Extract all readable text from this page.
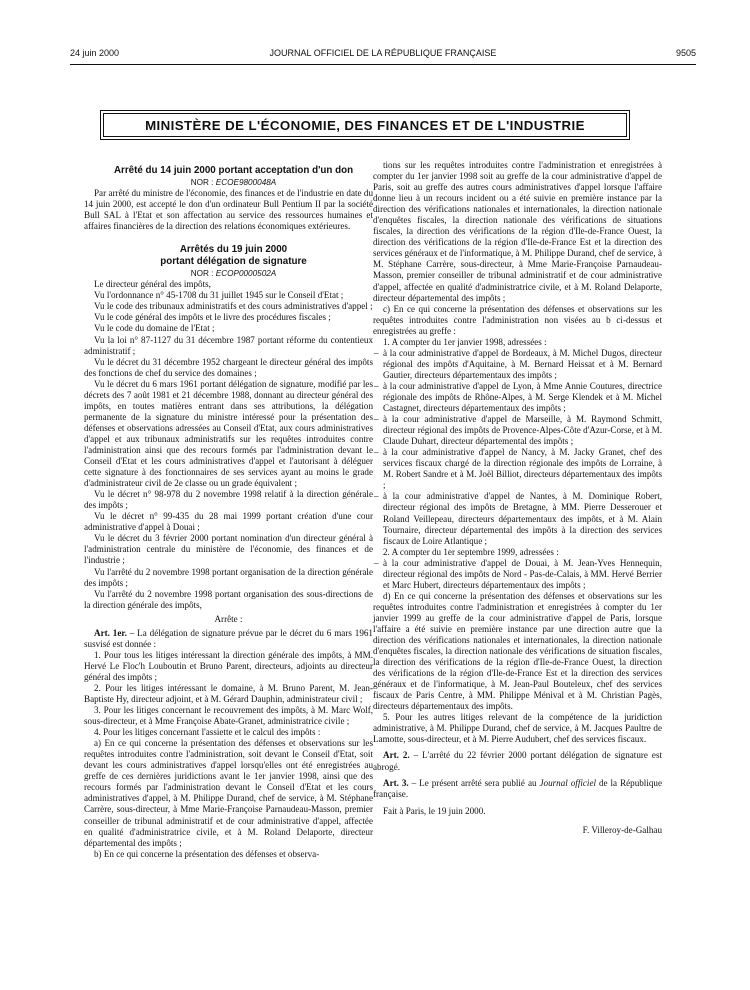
24 juin 2000	JOURNAL OFFICIEL DE LA RÉPUBLIQUE FRANÇAISE	9505
MINISTÈRE DE L'ÉCONOMIE, DES FINANCES ET DE L'INDUSTRIE

Arrêté du 14 juin 2000 portant acceptation d'un don

NOR : ECOE9800048A

Par arrêté du ministre de l'économie, des finances et de l'industrie en date du 14 juin 2000, est accepté le don d'un ordinateur Bull Pentium II par la société Bull SAL à l'Etat et son affectation au service des ressources humaines et affaires financières de la direction des relations économiques extérieures.

Arrêtés du 19 juin 2000

portant délégation de signature

NOR : ECOP0000502A

Le directeur général des impôts,

Vu l'ordonnance n° 45-1708 du 31 juillet 1945 sur le Conseil d'Etat ;

Vu le code des tribunaux administratifs et des cours administratives d'appel ;

Vu le code général des impôts et le livre des procédures fiscales ;

Vu le code du domaine de l'Etat ;

Vu la loi n° 87-1127 du 31 décembre 1987 portant réforme du contentieux administratif ;

Vu le décret du 31 décembre 1952 chargeant le directeur général des impôts des fonctions de chef du service des domaines ;

Vu le décret du 6 mars 1961 portant délégation de signature, modifié par les décrets des 7 août 1981 et 21 décembre 1988, donnant au directeur général des impôts, en toutes matières entrant dans ses attributions, la délégation permanente de la signature du ministre intéressé pour la présentation des défenses et observations adressées au Conseil d'Etat, aux cours administratives d'appel et aux tribunaux administratifs sur les requêtes introduites contre l'administration ainsi que des recours formés par l'administration devant le Conseil d'Etat et les cours administratives d'appel et l'autorisant à déléguer cette signature à des fonctionnaires de ses services ayant au moins le grade d'administrateur civil de 2e classe ou un grade équivalent ;

Vu le décret n° 98-978 du 2 novembre 1998 relatif à la direction générale des impôts ;

Vu le décret n° 99-435 du 28 mai 1999 portant création d'une cour administrative d'appel à Douai ;

Vu le décret du 3 février 2000 portant nomination d'un directeur général à l'administration centrale du ministère de l'économie, des finances et de l'industrie ;

Vu l'arrêté du 2 novembre 1998 portant organisation de la direction générale des impôts ;

Vu l'arrêté du 2 novembre 1998 portant organisation des sous-directions de la direction générale des impôts,

Arrête :

Art. 1er. – La délégation de signature prévue par le décret du 6 mars 1961 susvisé est donnée :

1. Pour tous les litiges intéressant la direction générale des impôts, à MM. Hervé Le Floc'h Louboutin et Bruno Parent, directeurs, adjoints au directeur général des impôts ;

2. Pour les litiges intéressant le domaine, à M. Bruno Parent, M. Jean-Baptiste Hy, directeur adjoint, et à M. Gérard Dauphin, administrateur civil ;

3. Pour les litiges concernant le recouvrement des impôts, à M. Marc Wolf, sous-directeur, et à Mme Françoise Abate-Granet, administratrice civile ;

4. Pour les litiges concernant l'assiette et le calcul des impôts :

a) En ce qui concerne la présentation des défenses et observations sur les requêtes introduites contre l'administration, soit devant le Conseil d'Etat, soit devant les cours administratives d'appel lorsqu'elles ont été enregistrées au greffe de ces dernières juridictions avant le 1er janvier 1998, ainsi que des recours formés par l'administration devant le Conseil d'Etat et les cours administratives d'appel, à M. Philippe Durand, chef de service, à M. Stéphane Carrère, sous-directeur, à Mme Marie-Françoise Parnaudeau-Masson, premier conseiller de tribunal administratif et de cour administrative d'appel, affectée en qualité d'administratrice civile, et à M. Roland Delaporte, directeur départemental des impôts ;

b) En ce qui concerne la présentation des défenses et observa-

tions sur les requêtes introduites contre l'administration et enregistrées à compter du 1er janvier 1998 soit au greffe de la cour administrative d'appel de Paris, soit au greffe des autres cours administratives d'appel lorsque l'affaire donne lieu à un recours incident ou a été suivie en première instance par la direction des vérifications nationales et internationales, la direction nationale d'enquêtes fiscales, la direction nationale des vérifications de situations fiscales, la direction des vérifications de la région d'Ile-de-France Ouest, la direction des vérifications de la région d'Ile-de-France Est et la direction des services généraux et de l'informatique, à M. Philippe Durand, chef de service, à M. Stéphane Carrère, sous-directeur, à Mme Marie-Françoise Parnaudeau-Masson, premier conseiller de tribunal administratif et de cour administrative d'appel, affectée en qualité d'administratrice civile, et à M. Roland Delaporte, directeur départemental des impôts ;

c) En ce qui concerne la présentation des défenses et observations sur les requêtes introduites contre l'administration non visées au b ci-dessus et enregistrées au greffe :

1. A compter du 1er janvier 1998, adressées :

– à la cour administrative d'appel de Bordeaux, à M. Michel Dugos, directeur régional des impôts d'Aquitaine, à M. Bernard Heissat et à M. Bernard Gautier, directeurs départementaux des impôts ;

– à la cour administrative d'appel de Lyon, à Mme Annie Coutures, directrice régionale des impôts de Rhône-Alpes, à M. Serge Klendek et à M. Michel Castagnet, directeurs départementaux des impôts ;

– à la cour administrative d'appel de Marseille, à M. Raymond Schmitt, directeur régional des impôts de Provence-Alpes-Côte d'Azur-Corse, et à M. Claude Duhart, directeur départemental des impôts ;

– à la cour administrative d'appel de Nancy, à M. Jacky Granet, chef des services fiscaux chargé de la direction régionale des impôts de Lorraine, à M. Robert Sandre et à M. Joël Billiot, directeurs départementaux des impôts ;

– à la cour administrative d'appel de Nantes, à M. Dominique Robert, directeur régional des impôts de Bretagne, à MM. Pierre Desserouer et Roland Veillepeau, directeurs départementaux des impôts, et à M. Alain Tournaire, directeur départemental des impôts à la direction des services fiscaux de Loire Atlantique ;

2. A compter du 1er septembre 1999, adressées :

– à la cour administrative d'appel de Douai, à M. Jean-Yves Hennequin, directeur régional des impôts de Nord - Pas-de-Calais, à MM. Hervé Berrier et Marc Hubert, directeurs départementaux des impôts ;

d) En ce qui concerne la présentation des défenses et observations sur les requêtes introduites contre l'administration et enregistrées à compter du 1er janvier 1999 au greffe de la cour administrative d'appel de Paris, lorsque l'affaire a été suivie en première instance par une direction autre que la direction des vérifications nationales et internationales, la direction nationale d'enquêtes fiscales, la direction nationale des vérifications de situation fiscales, la direction des vérifications de la région d'Ile-de-France Ouest, la direction des vérifications de la région d'Ile-de-France Est et la direction des services généraux et de l'informatique, à M. Jean-Paul Bouteleux, chef des services fiscaux de Paris Centre, à MM. Philippe Ménival et à M. Christian Pagès, directeurs départementaux des impôts.

5. Pour les autres litiges relevant de la compétence de la juridiction administrative, à M. Philippe Durand, chef de service, à M. Jacques Paultre de Lamotte, sous-directeur, et à M. Pierre Audubert, chef des services fiscaux.

Art. 2. – L'arrêté du 22 février 2000 portant délégation de signature est abrogé.

Art. 3. – Le présent arrêté sera publié au Journal officiel de la République française.

Fait à Paris, le 19 juin 2000.

F. Villeroy-de-Galhau
